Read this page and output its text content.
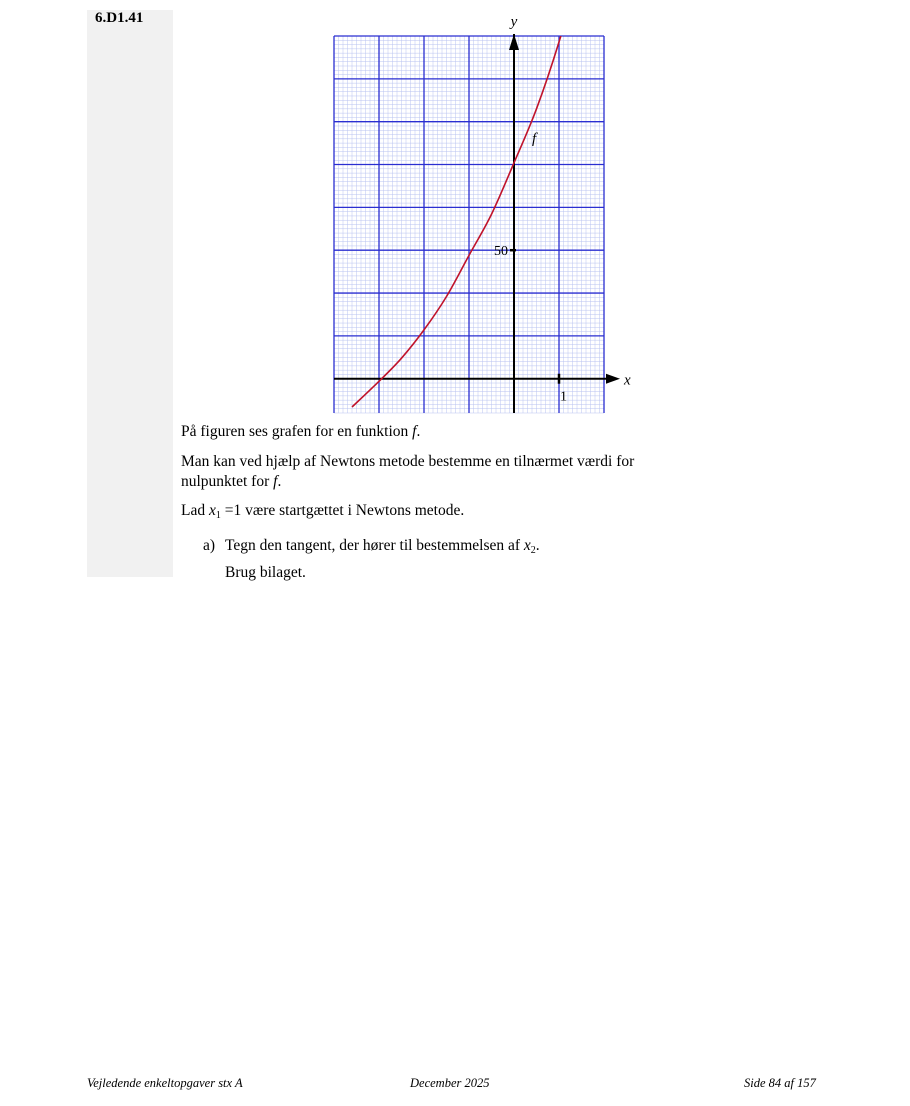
6.D1.41	y
x
50
1
f
På figuren ses grafen for en funktion f.
Man kan ved hjælp af Newtons metode bestemme en tilnærmet værdi for nulpunktet for f.
Lad $x_1 =1$ være startgættet i Newtons metode.
a) Tegn den tangent, der hører til bestemmelsen af $x_2$.
Brug bilaget.
Vejledende enkeltopgaver stx A	December 2025	Side 84 af 157
